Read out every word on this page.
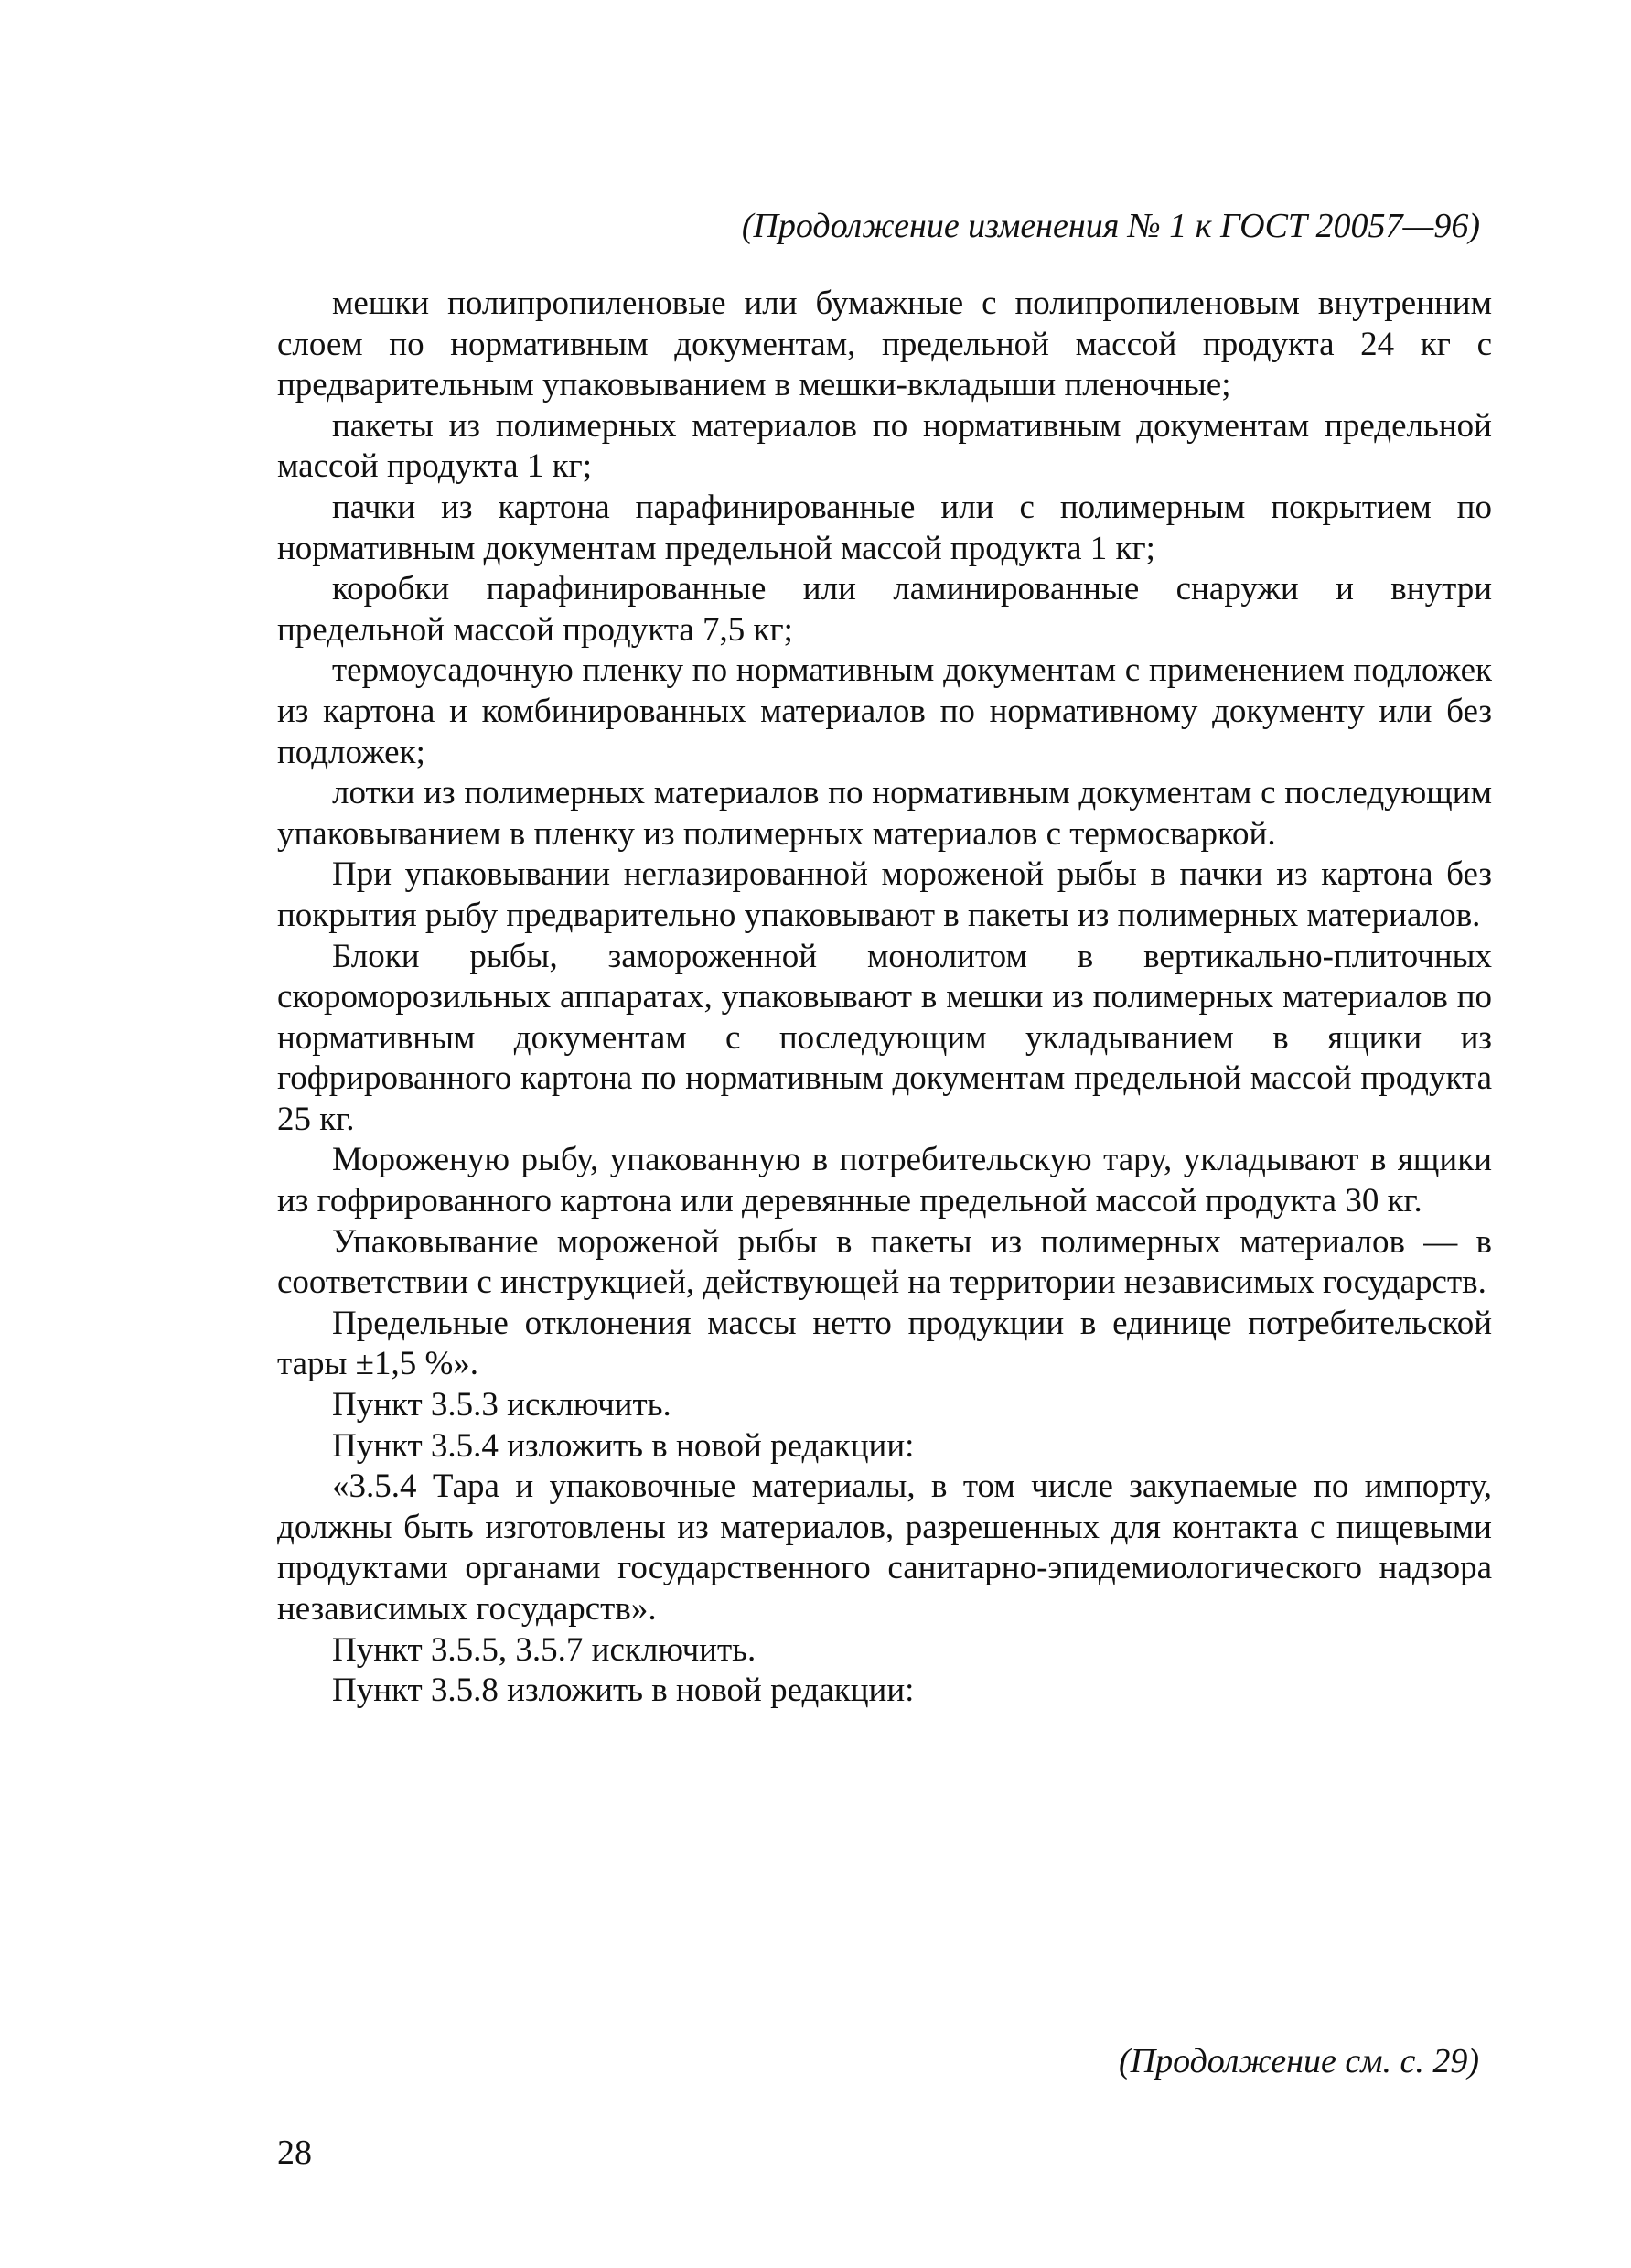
(Продолжение изменения № 1 к ГОСТ 20057—96)

мешки полипропиленовые или бумажные с полипропиленовым внутренним слоем по нормативным документам, предельной массой продукта 24 кг с предварительным упаковыванием в мешки-вкладыши пленочные;

пакеты из полимерных материалов по нормативным документам предельной массой продукта 1 кг;

пачки из картона парафинированные или с полимерным покрытием по нормативным документам предельной массой продукта 1 кг;

коробки парафинированные или ламинированные снаружи и внутри предельной массой продукта 7,5 кг;

термоусадочную пленку по нормативным документам с применением подложек из картона и комбинированных материалов по нормативному документу или без подложек;

лотки из полимерных материалов по нормативным документам с последующим упаковыванием в пленку из полимерных материалов с термосваркой.

При упаковывании неглазированной мороженой рыбы в пачки из картона без покрытия рыбу предварительно упаковывают в пакеты из полимерных материалов.

Блоки рыбы, замороженной монолитом в вертикально-плиточных скороморозильных аппаратах, упаковывают в мешки из полимерных материалов по нормативным документам с последующим укладыванием в ящики из гофрированного картона по нормативным документам предельной массой продукта 25 кг.

Мороженую рыбу, упакованную в потребительскую тару, укладывают в ящики из гофрированного картона или деревянные предельной массой продукта 30 кг.

Упаковывание мороженой рыбы в пакеты из полимерных материалов — в соответствии с инструкцией, действующей на территории независимых государств.

Предельные отклонения массы нетто продукции в единице потребительской тары ±1,5 %».

Пункт 3.5.3 исключить.

Пункт 3.5.4 изложить в новой редакции:

«3.5.4 Тара и упаковочные материалы, в том числе закупаемые по импорту, должны быть изготовлены из материалов, разрешенных для контакта с пищевыми продуктами органами государственного санитарно-эпидемиологического надзора независимых государств».

Пункт 3.5.5, 3.5.7 исключить.

Пункт 3.5.8 изложить в новой редакции:

(Продолжение см. с. 29)
28
